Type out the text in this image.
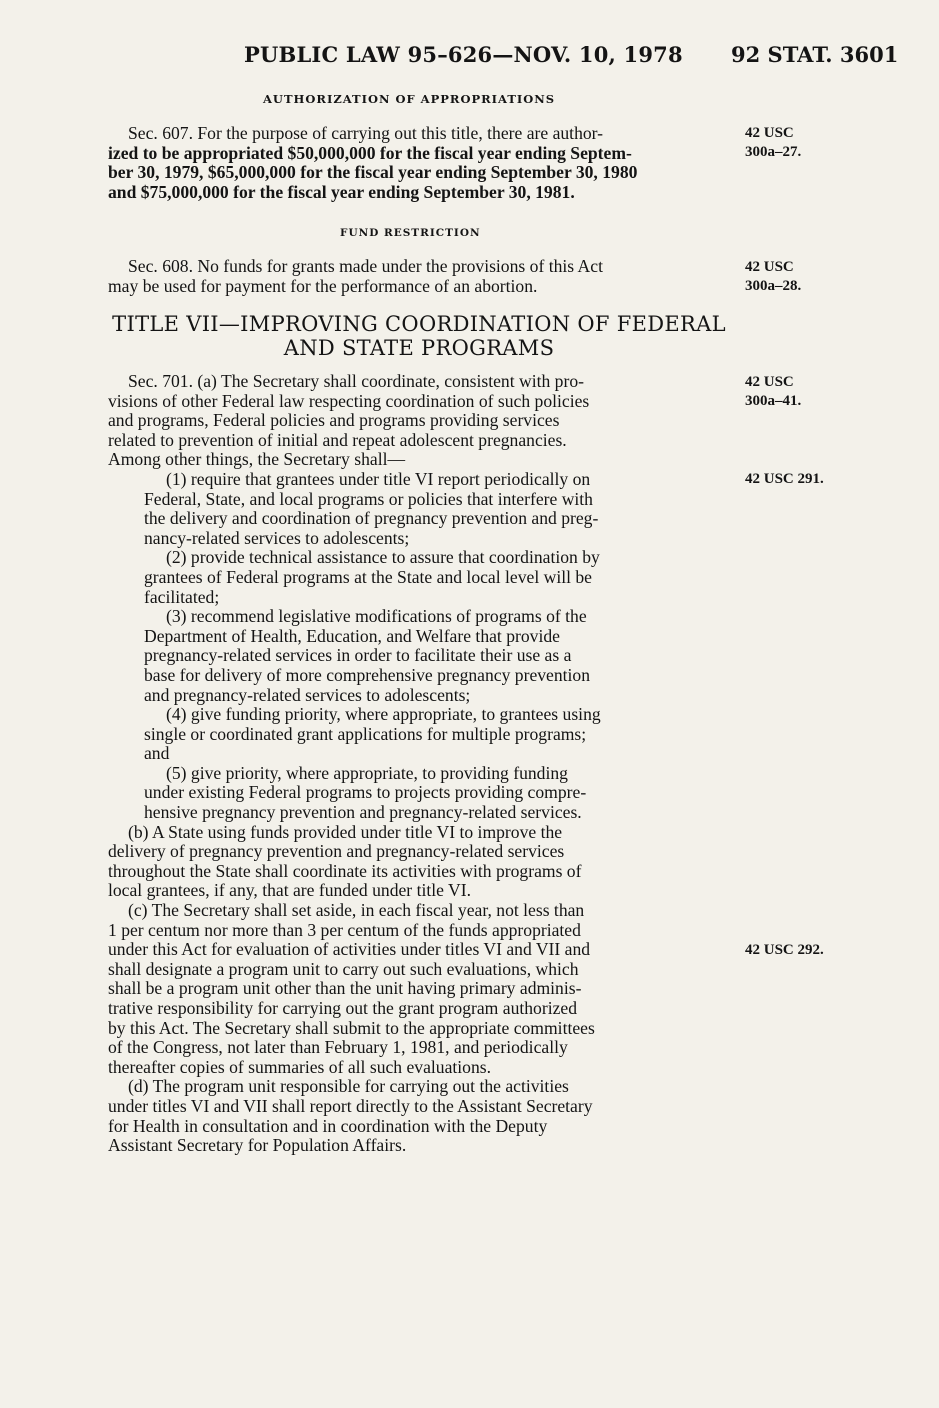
PUBLIC LAW 95–626—NOV. 10, 1978 92 STAT. 3601
AUTHORIZATION OF APPROPRIATIONS
Sec. 607. For the purpose of carrying out this title, there are author-
ized to be appropriated $50,000,000 for the fiscal year ending Septem-
ber 30, 1979, $65,000,000 for the fiscal year ending September 30, 1980
and $75,000,000 for the fiscal year ending September 30, 1981.
42 USC
300a–27.
FUND RESTRICTION
Sec. 608. No funds for grants made under the provisions of this Act
may be used for payment for the performance of an abortion.
42 USC
300a–28.
TITLE VII—IMPROVING COORDINATION OF FEDERAL
AND STATE PROGRAMS
Sec. 701. (a) The Secretary shall coordinate, consistent with pro-
visions of other Federal law respecting coordination of such policies
and programs, Federal policies and programs providing services
related to prevention of initial and repeat adolescent pregnancies.
Among other things, the Secretary shall—
(1) require that grantees under title VI report periodically on
Federal, State, and local programs or policies that interfere with
the delivery and coordination of pregnancy prevention and preg-
nancy-related services to adolescents;
(2) provide technical assistance to assure that coordination by
grantees of Federal programs at the State and local level will be
facilitated;
(3) recommend legislative modifications of programs of the
Department of Health, Education, and Welfare that provide
pregnancy-related services in order to facilitate their use as a
base for delivery of more comprehensive pregnancy prevention
and pregnancy-related services to adolescents;
(4) give funding priority, where appropriate, to grantees using
single or coordinated grant applications for multiple programs;
and
(5) give priority, where appropriate, to providing funding
under existing Federal programs to projects providing compre-
hensive pregnancy prevention and pregnancy-related services.
(b) A State using funds provided under title VI to improve the
delivery of pregnancy prevention and pregnancy-related services
throughout the State shall coordinate its activities with programs of
local grantees, if any, that are funded under title VI.
(c) The Secretary shall set aside, in each fiscal year, not less than
1 per centum nor more than 3 per centum of the funds appropriated
under this Act for evaluation of activities under titles VI and VII and
shall designate a program unit to carry out such evaluations, which
shall be a program unit other than the unit having primary adminis-
trative responsibility for carrying out the grant program authorized
by this Act. The Secretary shall submit to the appropriate committees
of the Congress, not later than February 1, 1981, and periodically
thereafter copies of summaries of all such evaluations.
(d) The program unit responsible for carrying out the activities
under titles VI and VII shall report directly to the Assistant Secretary
for Health in consultation and in coordination with the Deputy
Assistant Secretary for Population Affairs.
42 USC
300a–41.
42 USC 291.
42 USC 292.
